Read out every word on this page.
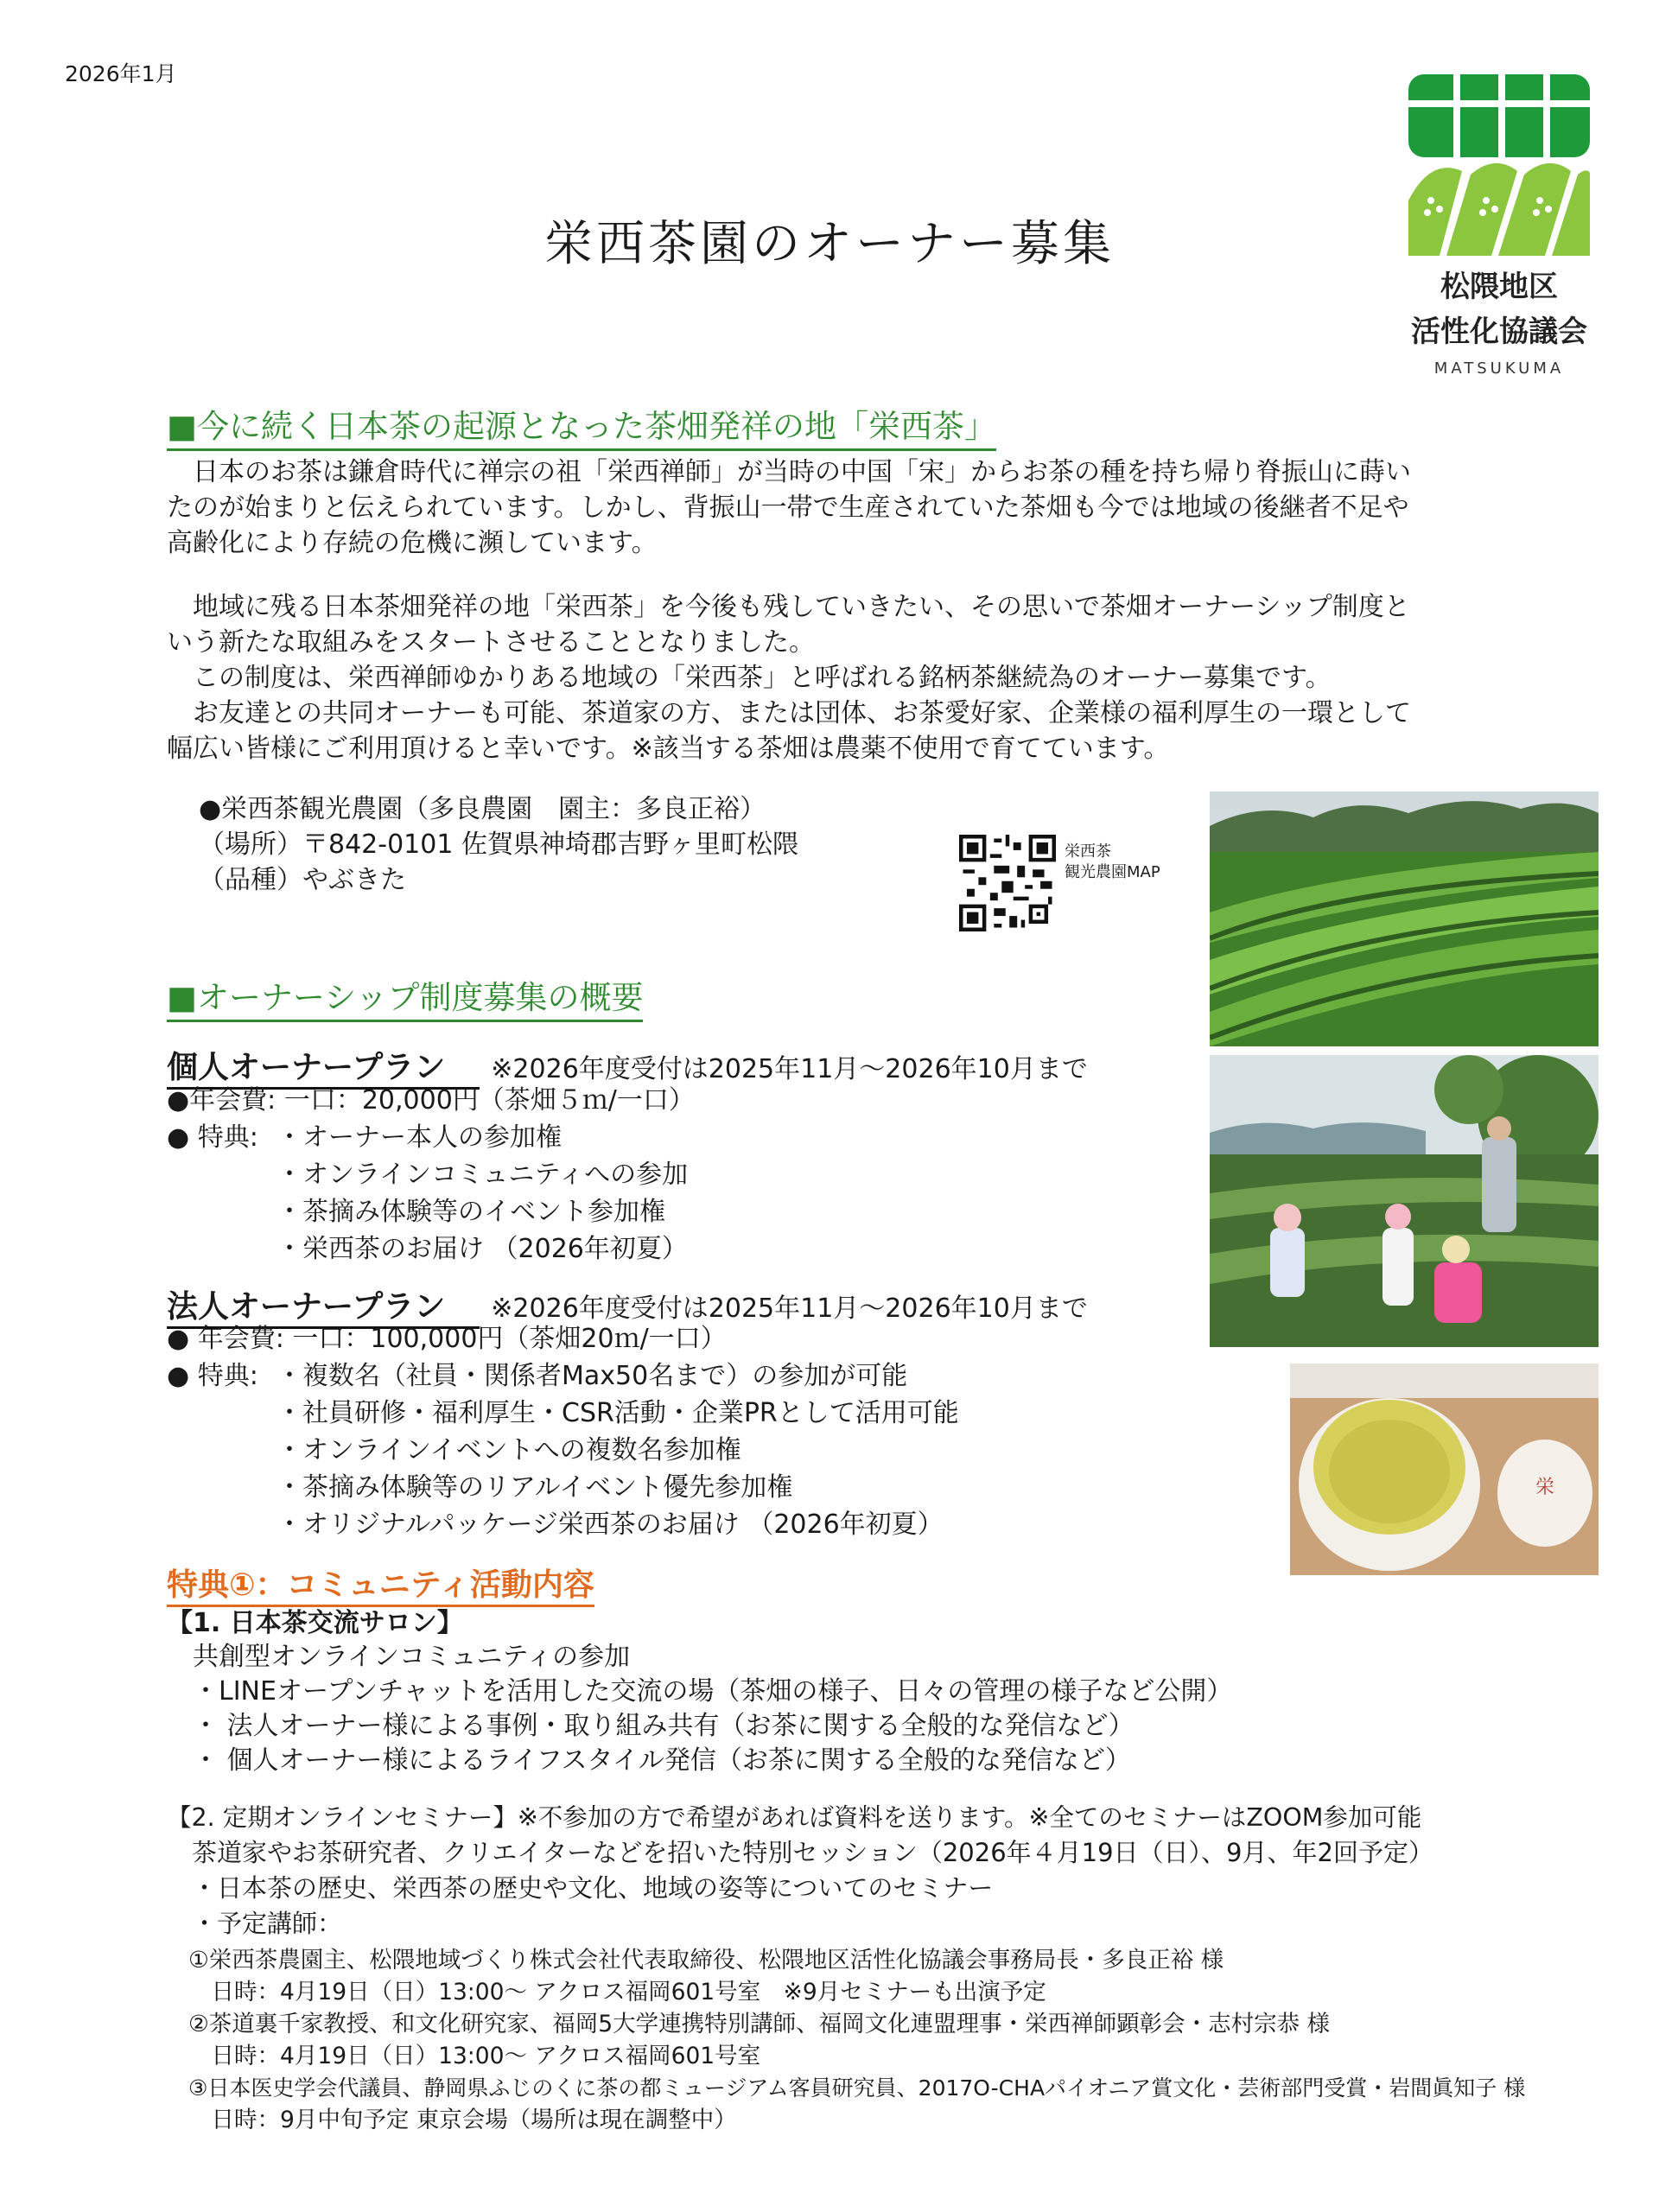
2026年1月
栄西茶園のオーナー募集
松隈地区
活性化協議会
MATSUKUMA
■今に続く日本茶の起源となった茶畑発祥の地「栄西茶」
　日本のお茶は鎌倉時代に禅宗の祖「栄西禅師」が当時の中国「宋」からお茶の種を持ち帰り脊振山に蒔い
たのが始まりと伝えられています。しかし、背振山一帯で生産されていた茶畑も今では地域の後継者不足や
高齢化により存続の危機に瀕しています。
　地域に残る日本茶畑発祥の地「栄西茶」を今後も残していきたい、その思いで茶畑オーナーシップ制度と
いう新たな取組みをスタートさせることとなりました。
　この制度は、栄西禅師ゆかりある地域の「栄西茶」と呼ばれる銘柄茶継続為のオーナー募集です。
　お友達との共同オーナーも可能、茶道家の方、または団体、お茶愛好家、企業様の福利厚生の一環として
幅広い皆様にご利用頂けると幸いです。※該当する茶畑は農薬不使用で育てています。
●栄西茶観光農園（多良農園　園主：多良正裕）
（場所）〒842-0101 佐賀県神埼郡吉野ヶ里町松隈
（品種）やぶきた
栄西茶
観光農園MAP
栄
■オーナーシップ制度募集の概要
個人オーナープラン ※2026年度受付は2025年11月～2026年10月まで
●年会費: 一口：20,000円（茶畑５ｍ/一口）
● 特典: ・オーナー本人の参加権
・オンラインコミュニティへの参加
・茶摘み体験等のイベント参加権
・栄西茶のお届け （2026年初夏）
法人オーナープラン ※2026年度受付は2025年11月～2026年10月まで
● 年会費: 一口：100,000円（茶畑20ｍ/一口）
● 特典: ・複数名（社員・関係者Max50名まで）の参加が可能
・社員研修・福利厚生・CSR活動・企業PRとして活用可能
・オンラインイベントへの複数名参加権
・茶摘み体験等のリアルイベント優先参加権
・オリジナルパッケージ栄西茶のお届け （2026年初夏）
特典①：コミュニティ活動内容
【1. 日本茶交流サロン】
　共創型オンラインコミュニティの参加
　・LINEオープンチャットを活用した交流の場（茶畑の様子、日々の管理の様子など公開）
　・ 法人オーナー様による事例・取り組み共有（お茶に関する全般的な発信など）
　・ 個人オーナー様によるライフスタイル発信（お茶に関する全般的な発信など）
【2. 定期オンラインセミナー】※不参加の方で希望があれば資料を送ります。※全てのセミナーはZOOM参加可能
　茶道家やお茶研究者、クリエイターなどを招いた特別セッション（2026年４月19日（日）、9月、年2回予定）
　・日本茶の歴史、栄西茶の歴史や文化、地域の姿等についてのセミナー
　・予定講師：
①栄西茶農園主、松隈地域づくり株式会社代表取締役、松隈地区活性化協議会事務局長・多良正裕 様
　日時：4月19日（日）13:00～ アクロス福岡601号室　※9月セミナーも出演予定
②茶道裏千家教授、和文化研究家、福岡5大学連携特別講師、福岡文化連盟理事・栄西禅師顕彰会・志村宗恭 様
　日時：4月19日（日）13:00～ アクロス福岡601号室
③日本医史学会代議員、静岡県ふじのくに茶の都ミュージアム客員研究員、2017O-CHAパイオニア賞文化・芸術部門受賞・岩間眞知子 様
　日時：9月中旬予定 東京会場（場所は現在調整中）
